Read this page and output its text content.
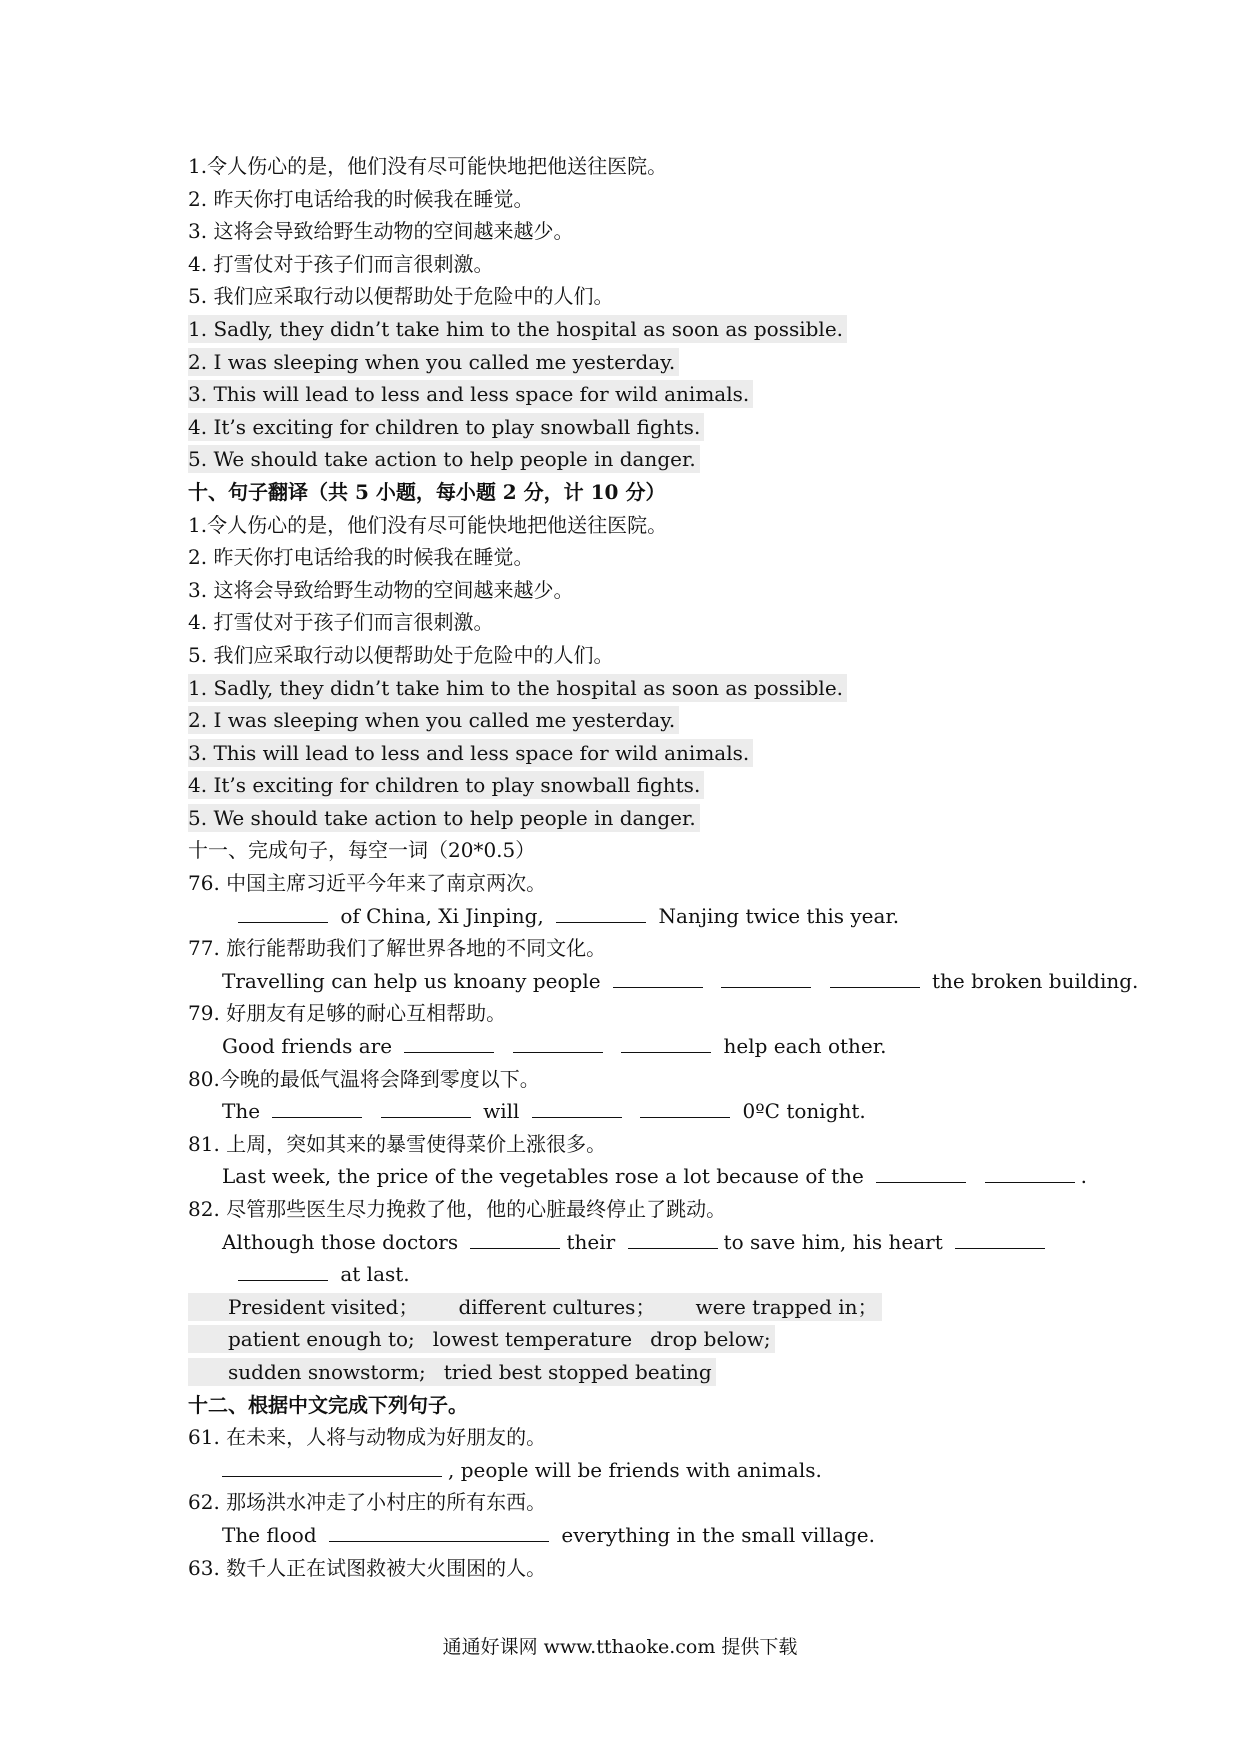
1.令人伤心的是，他们没有尽可能快地把他送往医院。
2. 昨天你打电话给我的时候我在睡觉。
3. 这将会导致给野生动物的空间越来越少。
4. 打雪仗对于孩子们而言很刺激。
5. 我们应采取行动以便帮助处于危险中的人们。
1. Sadly, they didn’t take him to the hospital as soon as possible.
2. I was sleeping when you called me yesterday.
3. This will lead to less and less space for wild animals.
4. It’s exciting for children to play snowball fights.
5. We should take action to help people in danger.
十、句子翻译（共 5 小题，每小题 2 分，计 10 分）
1.令人伤心的是，他们没有尽可能快地把他送往医院。
2. 昨天你打电话给我的时候我在睡觉。
3. 这将会导致给野生动物的空间越来越少。
4. 打雪仗对于孩子们而言很刺激。
5. 我们应采取行动以便帮助处于危险中的人们。
1. Sadly, they didn’t take him to the hospital as soon as possible.
2. I was sleeping when you called me yesterday.
3. This will lead to less and less space for wild animals.
4. It’s exciting for children to play snowball fights.
5. We should take action to help people in danger.
十一、完成句子，每空一词（20*0.5）
76. 中国主席习近平今年来了南京两次。
of China, Xi Jinping,	Nanjing twice this year.
77. 旅行能帮助我们了解世界各地的不同文化。
Travelling can help us knoany people	the broken building.
79. 好朋友有足够的耐心互相帮助。
Good friends are	help each other.
80.今晚的最低气温将会降到零度以下。
The	will	0ºC tonight.
81. 上周，突如其来的暴雪使得菜价上涨很多。
Last week, the price of the vegetables rose a lot because of the	.
82. 尽管那些医生尽力挽救了他，他的心脏最终停止了跳动。
Although those doctors	their	to save him, his heart
at last.
President visited； different cultures； were trapped in；
patient enough to; lowest temperature drop below;
sudden snowstorm; tried best stopped beating
十二、根据中文完成下列句子。
61. 在未来，人将与动物成为好朋友的。
, people will be friends with animals.
62. 那场洪水冲走了小村庄的所有东西。
The flood	everything in the small village.
63. 数千人正在试图救被大火围困的人。
通通好课网 www.tthaoke.com 提供下载
